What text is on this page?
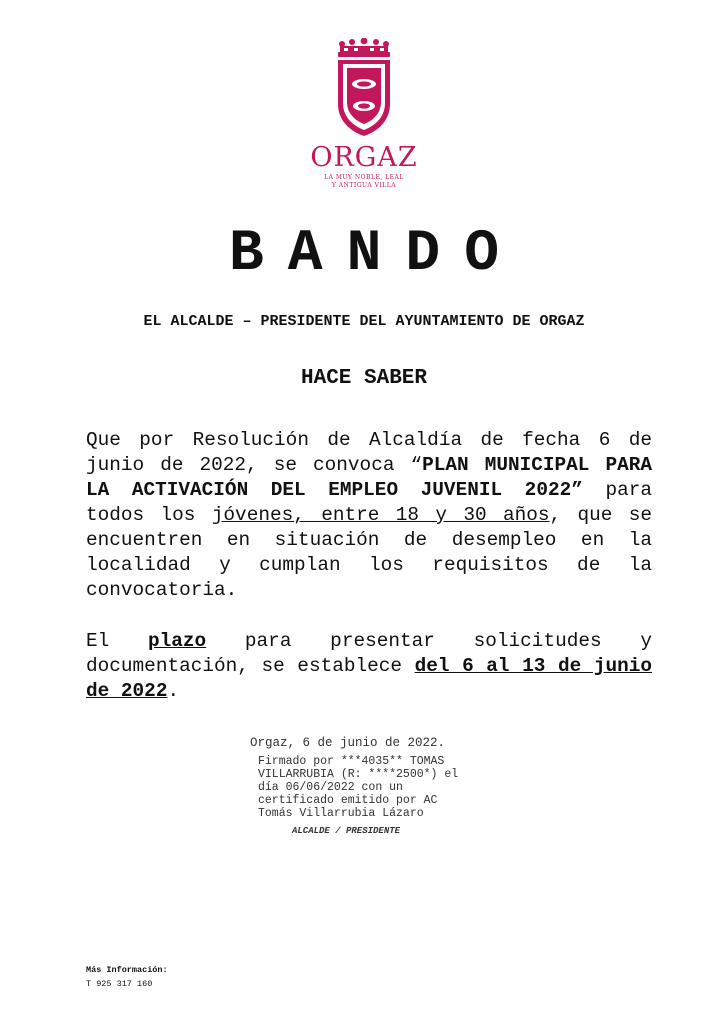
ORGAZ
LA MUY NOBLE, LEAL
Y ANTIGUA VILLA
BANDO
EL ALCALDE – PRESIDENTE DEL AYUNTAMIENTO DE ORGAZ
HACE SABER
Que por Resolución de Alcaldía de fecha 6 de junio de 2022, se convoca “PLAN MUNICIPAL PARA LA ACTIVACIÓN DEL EMPLEO JUVENIL 2022” para todos los jóvenes, entre 18 y 30 años, que se encuentren en situación de desempleo en la localidad y cumplan los requisitos de la convocatoria.
El plazo para presentar solicitudes y documentación, se establece del 6 al 13 de junio de 2022.
Orgaz, 6 de junio de 2022.
Firmado por ***4035** TOMAS
VILLARRUBIA (R: ****2500*) el
día 06/06/2022 con un
certificado emitido por AC
Tomás Villarrubia Lázaro
ALCALDE / PRESIDENTE
Más Información:
T 925 317 160
